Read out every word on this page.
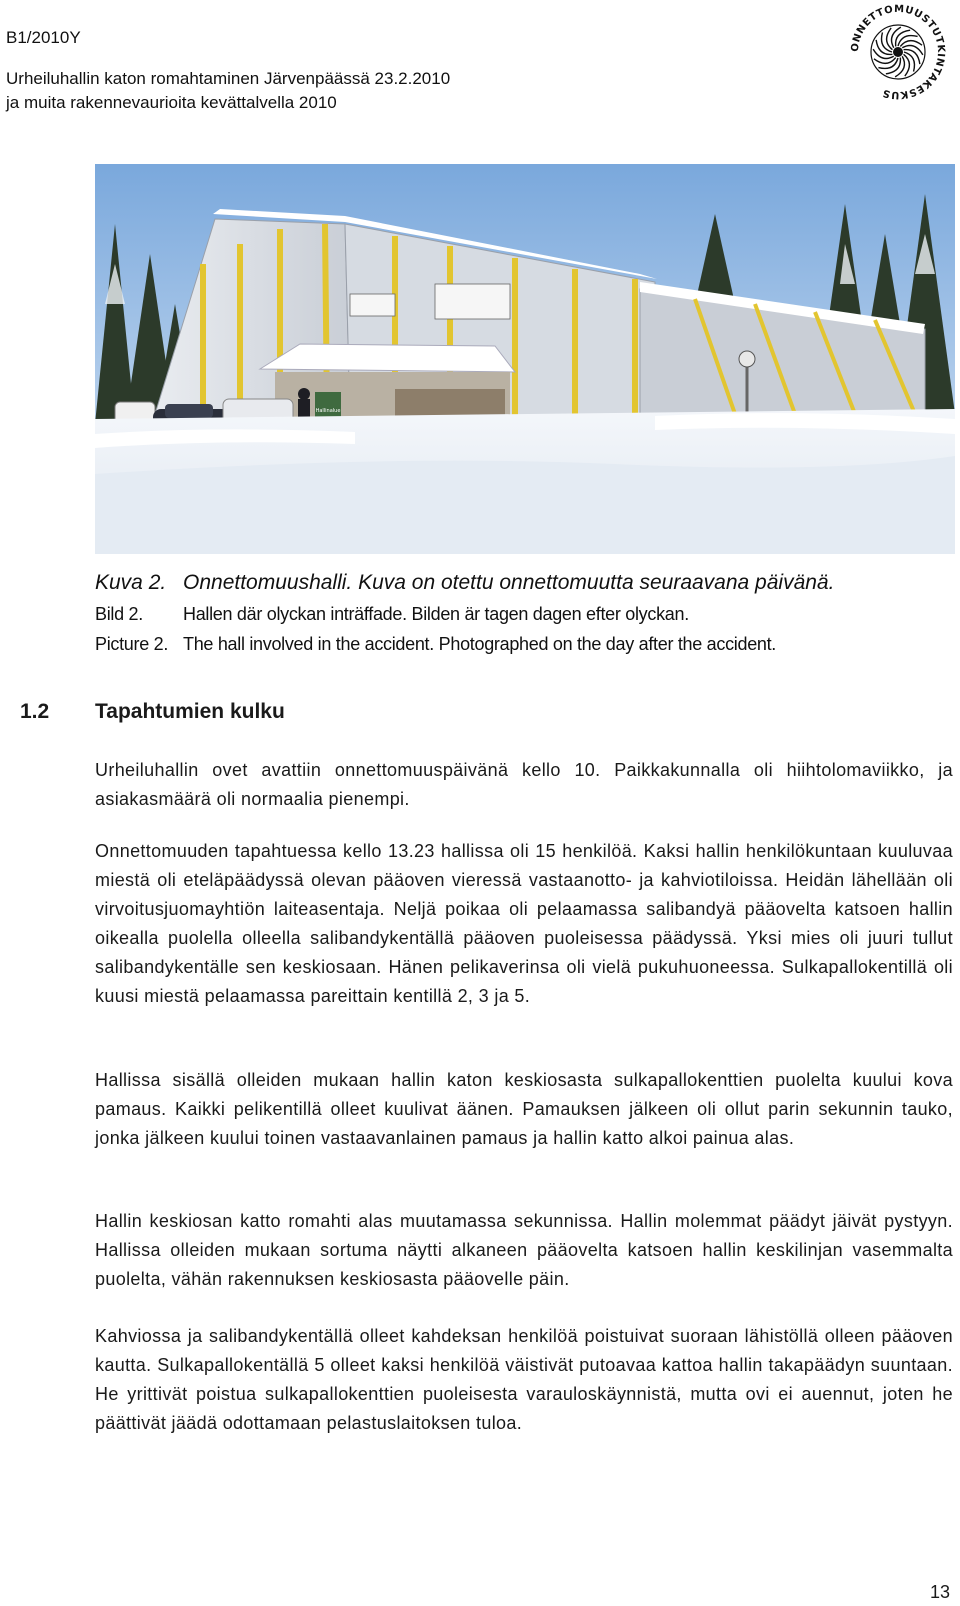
B1/2010Y
Urheiluhallin katon romahtaminen Järvenpäässä 23.2.2010
ja muita rakennevaurioita kevättalvella 2010
ONNETTOMUUSTUTKINTAKESKUS
Hallinalue
Kuva 2. Onnettomuushalli. Kuva on otettu onnettomuutta seuraavana päivänä.
Bild 2. Hallen där olyckan inträffade. Bilden är tagen dagen efter olyckan.
Picture 2. The hall involved in the accident. Photographed on the day after the accident.
1.2 Tapahtumien kulku

Urheiluhallin ovet avattiin onnettomuuspäivänä kello 10. Paikkakunnalla oli hiihtolomaviikko, ja asiakasmäärä oli normaalia pienempi.

Onnettomuuden tapahtuessa kello 13.23 hallissa oli 15 henkilöä. Kaksi hallin henkilökuntaan kuuluvaa miestä oli eteläpäädyssä olevan pääoven vieressä vastaanotto- ja kahviotiloissa. Heidän lähellään oli virvoitusjuomayhtiön laiteasentaja. Neljä poikaa oli pelaamassa salibandyä pääovelta katsoen hallin oikealla puolella olleella salibandykentällä pääoven puoleisessa päädyssä. Yksi mies oli juuri tullut salibandykentälle sen keskiosaan. Hänen pelikaverinsa oli vielä pukuhuoneessa. Sulkapallokentillä oli kuusi miestä pelaamassa pareittain kentillä 2, 3 ja 5.

Hallissa sisällä olleiden mukaan hallin katon keskiosasta sulkapallokenttien puolelta kuului kova pamaus. Kaikki pelikentillä olleet kuulivat äänen. Pamauksen jälkeen oli ollut parin sekunnin tauko, jonka jälkeen kuului toinen vastaavanlainen pamaus ja hallin katto alkoi painua alas.

Hallin keskiosan katto romahti alas muutamassa sekunnissa. Hallin molemmat päädyt jäivät pystyyn. Hallissa olleiden mukaan sortuma näytti alkaneen pääovelta katsoen hallin keskilinjan vasemmalta puolelta, vähän rakennuksen keskiosasta pääovelle päin.

Kahviossa ja salibandykentällä olleet kahdeksan henkilöä poistuivat suoraan lähistöllä olleen pääoven kautta. Sulkapallokentällä 5 olleet kaksi henkilöä väistivät putoavaa kattoa hallin takapäädyn suuntaan. He yrittivät poistua sulkapallokenttien puoleisesta varauloskäynnistä, mutta ovi ei auennut, joten he päättivät jäädä odottamaan pelastuslaitoksen tuloa.

13
